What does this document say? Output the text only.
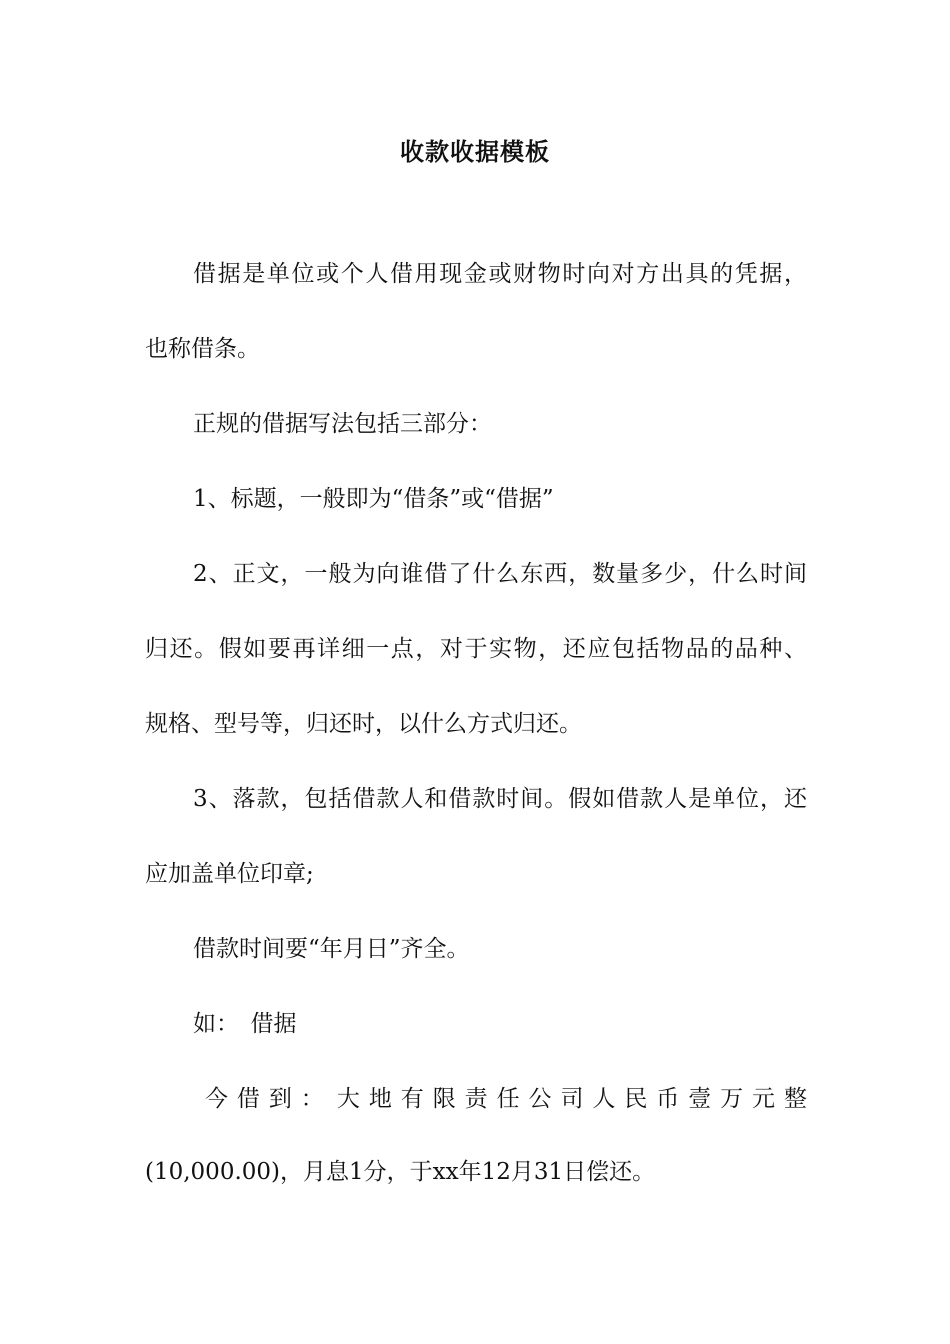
收款收据模板
借据是单位或个人借用现金或财物时向对方出具的凭据，
也称借条。
正规的借据写法包括三部分：
1、标题，一般即为“借条”或“借据”
2、正文，一般为向谁借了什么东西，数量多少，什么时间
归还。假如要再详细一点，对于实物，还应包括物品的品种、
规格、型号等，归还时，以什么方式归还。
3、落款，包括借款人和借款时间。假如借款人是单位，还
应加盖单位印章;
借款时间要“年月日”齐全。
如：　借据
今 借 到 ：　大 地 有 限 责 任 公 司 人 民 币 壹 万 元 整
(10,000.00)，月息1分，于xx年12月31日偿还。
